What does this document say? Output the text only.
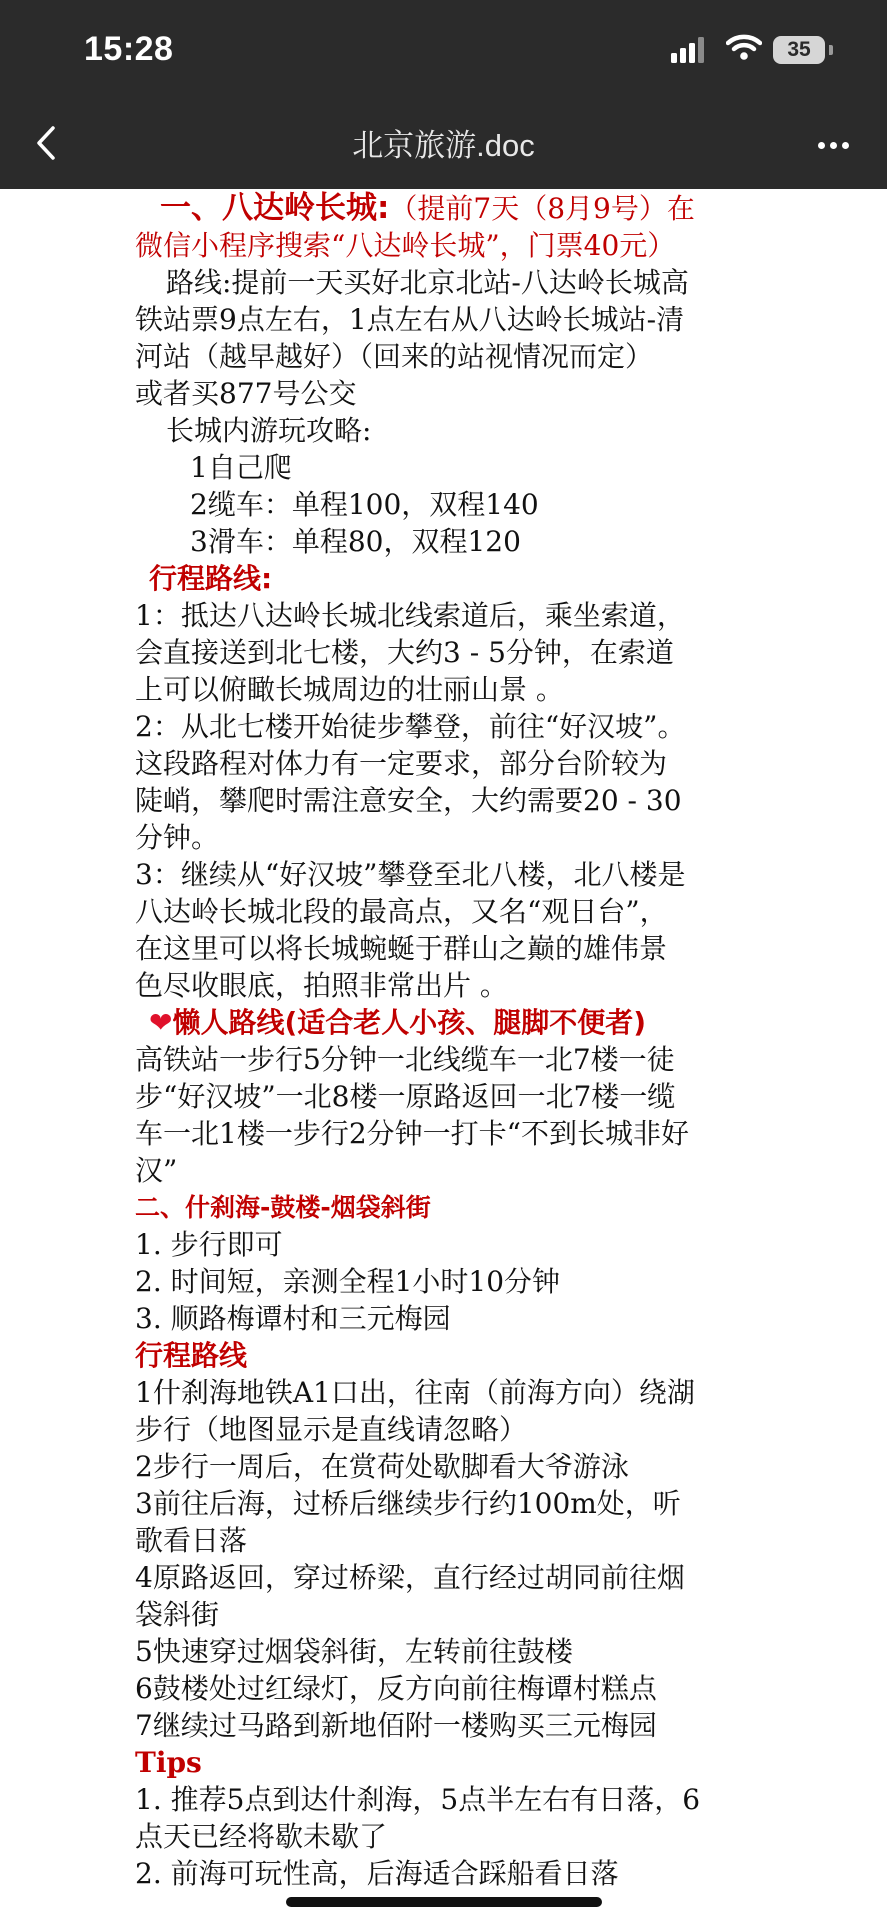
15:28	35
北京旅游.doc

一、八达岭长城:（提前7天（8月9号）在

微信小程序搜索“八达岭长城”，门票40元）

路线:提前一天买好北京北站-八达岭长城高

铁站票9点左右，1点左右从八达岭长城站-清

河站（越早越好）（回来的站视情况而定）

或者买877号公交

长城内游玩攻略:

1自己爬

2缆车：单程100，双程140

3滑车：单程80，双程120

行程路线:

1：抵达八达岭长城北线索道后，乘坐索道，

会直接送到北七楼，大约3 - 5分钟，在索道

上可以俯瞰长城周边的壮丽山景 。

2：从北七楼开始徒步攀登，前往“好汉坡”。

这段路程对体力有一定要求，部分台阶较为

陡峭，攀爬时需注意安全，大约需要20 - 30

分钟。

3：继续从“好汉坡”攀登至北八楼，北八楼是

八达岭长城北段的最高点，又名“观日台”，

在这里可以将长城蜿蜒于群山之巅的雄伟景

色尽收眼底，拍照非常出片 。

❤懒人路线(适合老人小孩、腿脚不便者)

高铁站一步行5分钟一北线缆车一北7楼一徒

步“好汉坡”一北8楼一原路返回一北7楼一缆

车一北1楼一步行2分钟一打卡“不到长城非好

汉”

二、什刹海-鼓楼-烟袋斜街

1. 步行即可

2. 时间短，亲测全程1小时10分钟

3. 顺路梅谭村和三元梅园

行程路线

1什刹海地铁A1口出，往南（前海方向）绕湖

步行（地图显示是直线请忽略）

2步行一周后，在赏荷处歇脚看大爷游泳

3前往后海，过桥后继续步行约100m处，听

歌看日落

4原路返回，穿过桥梁，直行经过胡同前往烟

袋斜街

5快速穿过烟袋斜街，左转前往鼓楼

6鼓楼处过红绿灯，反方向前往梅谭村糕点

7继续过马路到新地佰附一楼购买三元梅园

Tips

1. 推荐5点到达什刹海，5点半左右有日落，6

点天已经将歇未歇了

2. 前海可玩性高，后海适合踩船看日落
